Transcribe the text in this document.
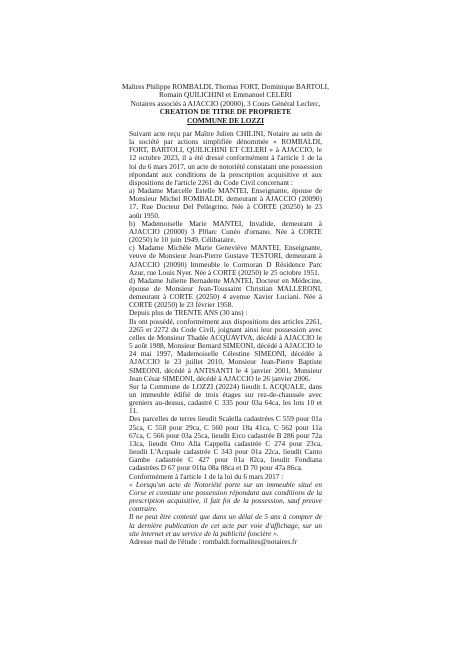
Maîtres Philippe ROMBALDI, Thomas FORT, Dominique BARTOLI, Romain QUILICHINI et Emmanuel CELERI
Notaires associés à AJACCIO (20000), 3 Cours Général Leclerc,
CREATION DE TITRE DE PROPRIETE
COMMUNE DE LOZZI

Suivant acte reçu par Maître Julien CHILINI, Notaire au sein de la société par actions simplifiée dénommée « ROMBALDI, FORT, BARTOLI, QUILICHINI ET CELERI » à AJACCIO, le 12 octobre 2023, il a été dressé conformément à l'article 1 de la loi du 6 mars 2017, un acte de notoriété constatant une possession répondant aux conditions de la prescription acquisitive et aux dispositions de l'article 2261 du Code Civil concernant :

a) Madame Marcelle Estelle MANTEI, Enseignante, épouse de Monsieur Michel ROMBALDI, demeurant à AJACCIO (20090) 17, Rue Docteur Del Pellegrino. Née à CORTE (20250) le 23 août 1950.

b) Mademoiselle Marie MANTEI, Invalide, demeurant à AJACCIO (20000) 3 Pl0arc Cunéo d'ornano. Née à CORTE (20250) le 10 juin 1949. Célibataire.

c) Madame Michèle Marie Geneviève MANTEI, Enseignante, veuve de Monsieur Jean-Pierre Gustave TESTORI, demeurant à AJACCIO (20090) Immeuble le Cormoran D Résidence Parc Azur, rue Louis Nyer. Née à CORTE (20250) le 25 octobre 1951.

d) Madame Juliette Bernadette MANTEI, Docteur en Médecine, épouse de Monsieur Jean-Toussaint Christian MALLERONI, demeurant à CORTE (20250) 4 avenue Xavier Luciani. Née à CORTE (20250) le 23 février 1958.

Depuis plus de TRENTE ANS (30 ans) :

Ils ont possédé, conformément aux dispositions des articles 2261, 2265 et 2272 du Code Civil, joignant ainsi leur possession avec celles de Monsieur Thadée ACQUAVIVA, décédé à AJACCIO le 5 août 1988, Monsieur Bernard SIMEONI, décédé à AJACCIO le 24 mai 1997, Mademoiselle Célestine SIMEONI, décédée à AJACCIO le 23 juillet 2010, Monsieur Jean-Pierre Baptiste SIMEONI, décédé à ANTISANTI le 4 janvier 2001, Monsieur Jean César SIMEONI, décédé à AJACCIO le 26 janvier 2006.

Sur la Commune de LOZZI (20224) lieudit L ACQUALE, dans un immeuble édifié de trois étages sur rez-de-chaussée avec greniers au-dessus, cadastré C 335 pour 03a 64ca, les lots 10 et 11.

Des parcelles de terres lieudit Scalella cadastrées C 559 pour 01a 25ca, C 558 pour 29ca, C 560 pour 18a 41ca, C 562 pour 11a 67ca, C 566 pour 03a 25ca, lieudit Erco cadastrée B 286 pour 72a 13ca, lieudit Orto Alla Cappella cadastrée C 274 pour 23ca, lieudit L'Acquale cadastrée C 343 pour 01a 22ca, lieudit Canto Gambe cadastrée C 427 pour 01a 82ca, lieudit Fondiana cadastrées D 67 pour 01ha 08a 08ca et D 70 pour 47a 86ca.

Conformément à l'article 1 de la loi du 6 mars 2017 :

« Lorsqu'un acte de Notoriété porte sur un immeuble situé en Corse et constate une possession répondant aux conditions de la prescription acquisitive, il fait foi de la possession, sauf preuve contraire.

Il ne peut être contesté que dans un délai de 5 ans à compter de la dernière publication de cet acte par voie d'affichage, sur un site internet et au service de la publicité foncière ».

Adresse mail de l'étude : rombaldi.formalites@notaires.fr
